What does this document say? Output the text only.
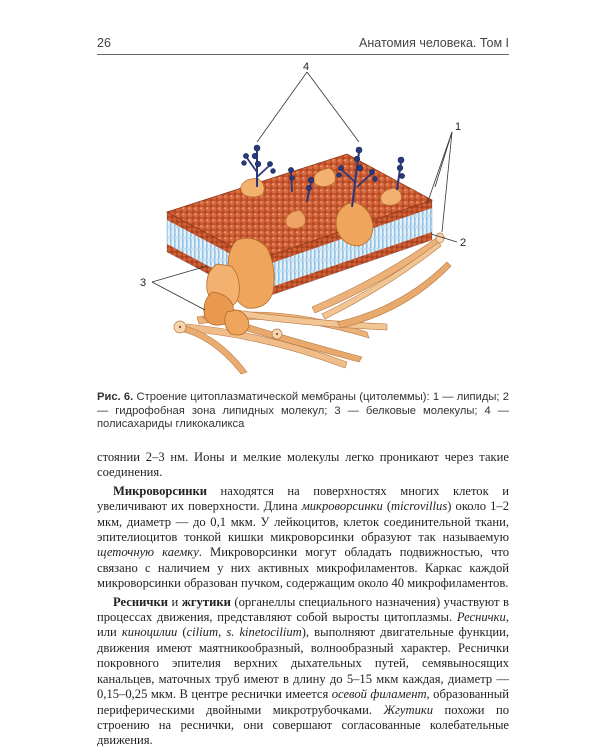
26	Анатомия человека. Том I
4
1
2
3
Рис. 6. Строение цитоплазматической мембраны (цитолеммы): 1 — липиды; 2 — гидрофобная зона липидных молекул; 3 — белковые молекулы; 4 — полисахариды гликокаликса

стоянии 2–3 нм. Ионы и мелкие молекулы легко проникают через такие соединения.

Микроворсинки находятся на поверхностях многих клеток и увеличивают их поверхности. Длина микроворсинки (microvillus) около 1–2 мкм, диаметр — до 0,1 мкм. У лейкоцитов, клеток соединительной ткани, эпителиоцитов тонкой кишки микроворсинки образуют так называемую щеточную каемку. Микроворсинки могут обладать подвижностью, что связано с наличием у них активных микрофиламентов. Каркас каждой микроворсинки образован пучком, содержащим около 40 микрофиламентов.

Реснички и жгутики (органеллы специального назначения) участвуют в процессах движения, представляют собой выросты цитоплазмы. Реснички, или киноцилии (cilium, s. kinetocilium), выполняют двигательные функции, движения имеют маятникообразный, волнообразный характер. Реснички покровного эпителия верхних дыхательных путей, семявыносящих канальцев, маточных труб имеют в длину до 5–15 мкм каждая, диаметр — 0,15–0,25 мкм. В центре реснички имеется осевой филамент, образованный периферическими двойными микротрубочками. Жгутики похожи по строению на реснички, они совершают согласованные колебательные движения.
